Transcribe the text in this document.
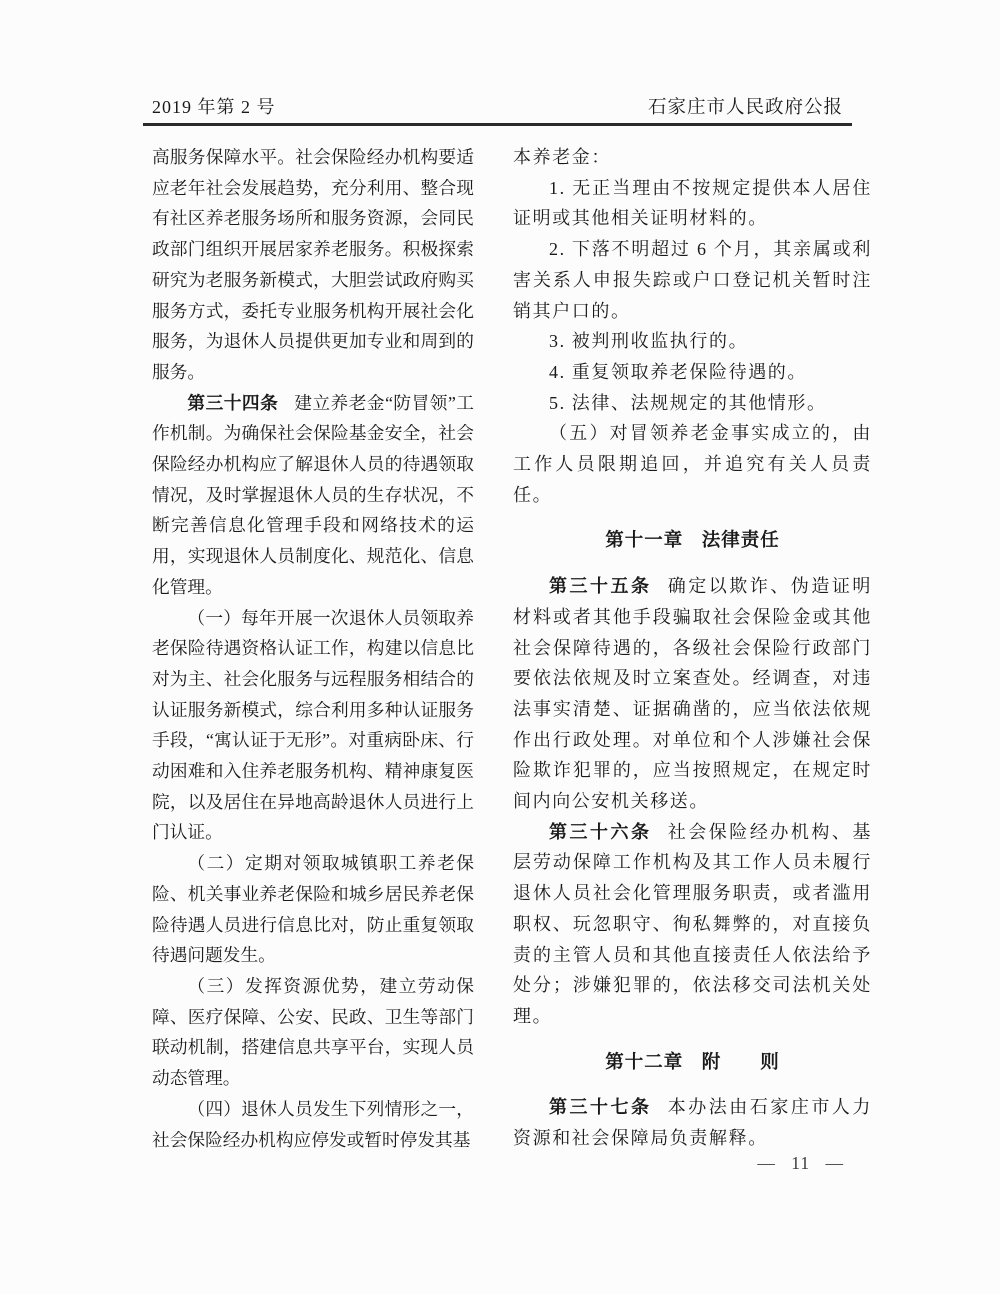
2019 年第 2 号	石家庄市人民政府公报

高服务保障水平。社会保险经办机构要适应老年社会发展趋势，充分利用、整合现有社区养老服务场所和服务资源，会同民政部门组织开展居家养老服务。积极探索研究为老服务新模式，大胆尝试政府购买服务方式，委托专业服务机构开展社会化服务，为退休人员提供更加专业和周到的服务。

第三十四条 建立养老金“防冒领”工作机制。为确保社会保险基金安全，社会保险经办机构应了解退休人员的待遇领取情况，及时掌握退休人员的生存状况，不断完善信息化管理手段和网络技术的运用，实现退休人员制度化、规范化、信息化管理。

（一）每年开展一次退休人员领取养老保险待遇资格认证工作，构建以信息比对为主、社会化服务与远程服务相结合的认证服务新模式，综合利用多种认证服务手段，“寓认证于无形”。对重病卧床、行动困难和入住养老服务机构、精神康复医院，以及居住在异地高龄退休人员进行上门认证。

（二）定期对领取城镇职工养老保险、机关事业养老保险和城乡居民养老保险待遇人员进行信息比对，防止重复领取待遇问题发生。

（三）发挥资源优势，建立劳动保障、医疗保障、公安、民政、卫生等部门联动机制，搭建信息共享平台，实现人员动态管理。

（四）退休人员发生下列情形之一，社会保险经办机构应停发或暂时停发其基

本养老金：

1. 无正当理由不按规定提供本人居住证明或其他相关证明材料的。

2. 下落不明超过 6 个月，其亲属或利害关系人申报失踪或户口登记机关暂时注销其户口的。

3. 被判刑收监执行的。

4. 重复领取养老保险待遇的。

5. 法律、法规规定的其他情形。

（五）对冒领养老金事实成立的，由工作人员限期追回，并追究有关人员责任。

第十一章 法律责任

第三十五条 确定以欺诈、伪造证明材料或者其他手段骗取社会保险金或其他社会保障待遇的，各级社会保险行政部门要依法依规及时立案查处。经调查，对违法事实清楚、证据确凿的，应当依法依规作出行政处理。对单位和个人涉嫌社会保险欺诈犯罪的，应当按照规定，在规定时间内向公安机关移送。

第三十六条 社会保险经办机构、基层劳动保障工作机构及其工作人员未履行退休人员社会化管理服务职责，或者滥用职权、玩忽职守、徇私舞弊的，对直接负责的主管人员和其他直接责任人依法给予处分；涉嫌犯罪的，依法移交司法机关处理。

第十二章 附　　则

第三十七条 本办法由石家庄市人力资源和社会保障局负责解释。

— 11 —
